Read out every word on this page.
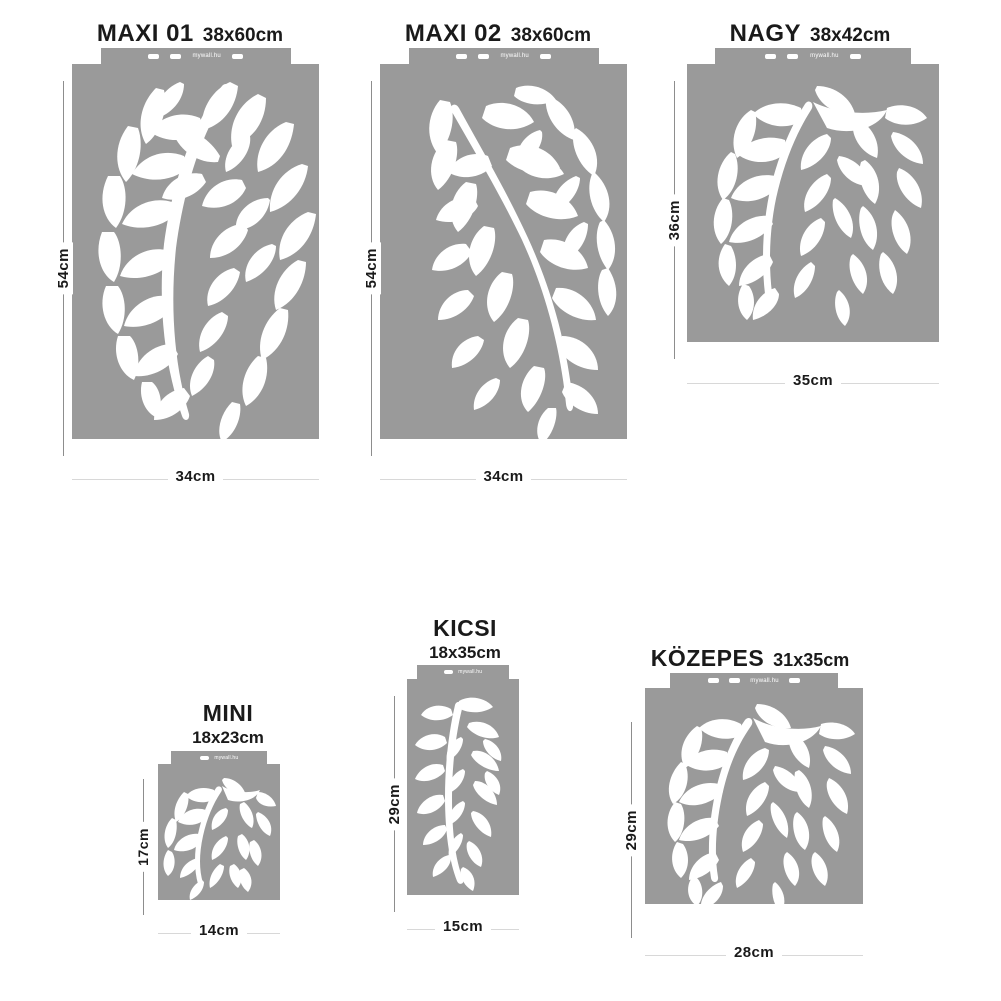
MAXI 01 38x60cm
mywall.hu
54cm
34cm
MAXI 02 38x60cm
mywall.hu
54cm
34cm
NAGY 38x42cm
mywall.hu
36cm
35cm
MINI
18x23cm
mywall.hu
17cm
14cm
KICSI
18x35cm
mywall.hu
29cm
15cm
KÖZEPES 31x35cm
mywall.hu
29cm
28cm
